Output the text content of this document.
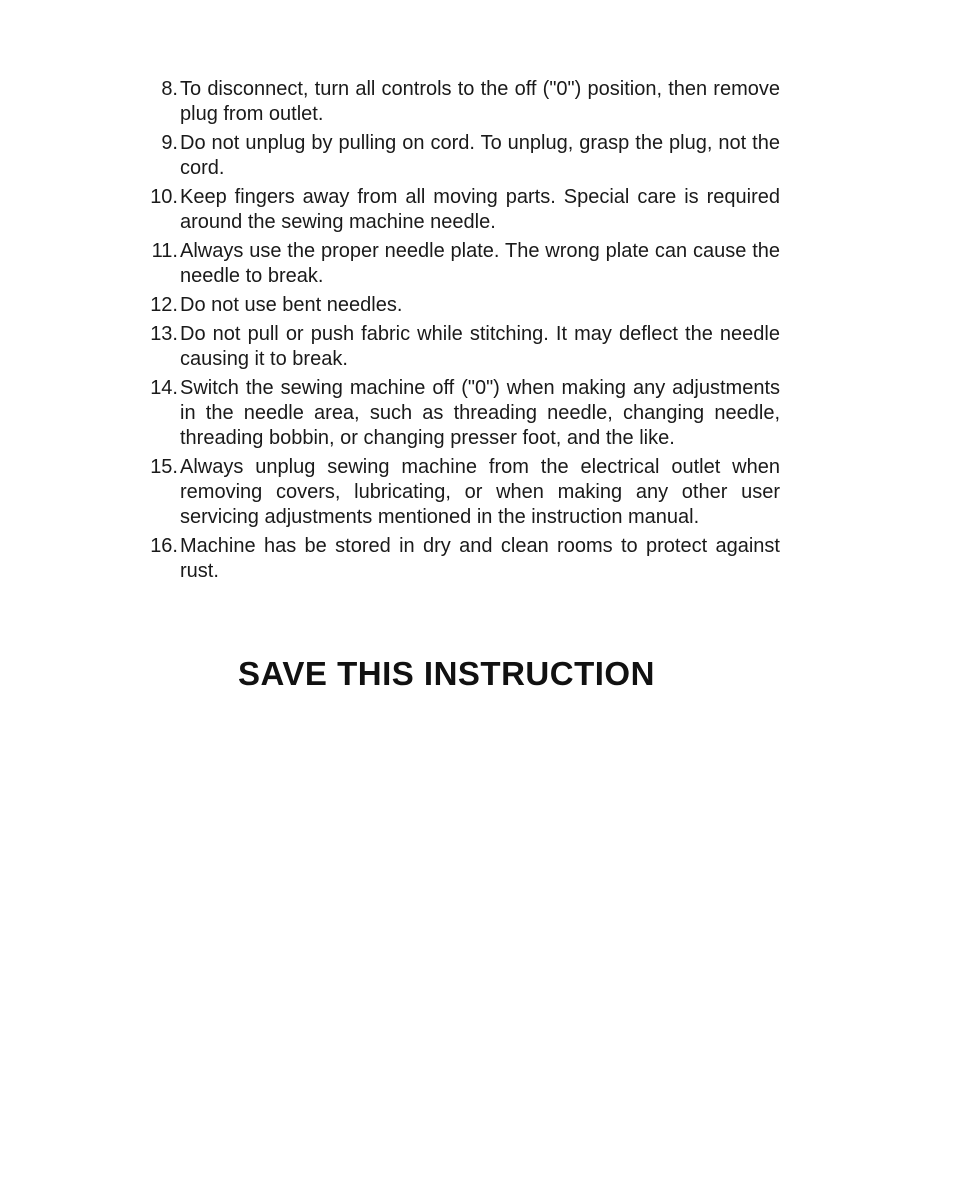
8. To disconnect, turn all controls to the off ("0") position, then remove plug from outlet.
9. Do not unplug by pulling on cord. To unplug, grasp the plug, not the cord.
10. Keep fingers away from all moving parts. Special care is required around the sewing machine needle.
11. Always use the proper needle plate. The wrong plate can cause the needle to break.
12. Do not use bent needles.
13. Do not pull or push fabric while stitching. It may deflect the needle causing it to break.
14. Switch the sewing machine off ("0") when making any adjustments in the needle area, such as threading needle, changing needle, threading bobbin, or changing presser foot, and the like.
15. Always unplug sewing machine from the electrical outlet when removing covers, lubricating, or when making any other user servicing adjustments mentioned in the instruction manual.
16. Machine has be stored in dry and clean rooms to protect against rust.
SAVE THIS INSTRUCTION
